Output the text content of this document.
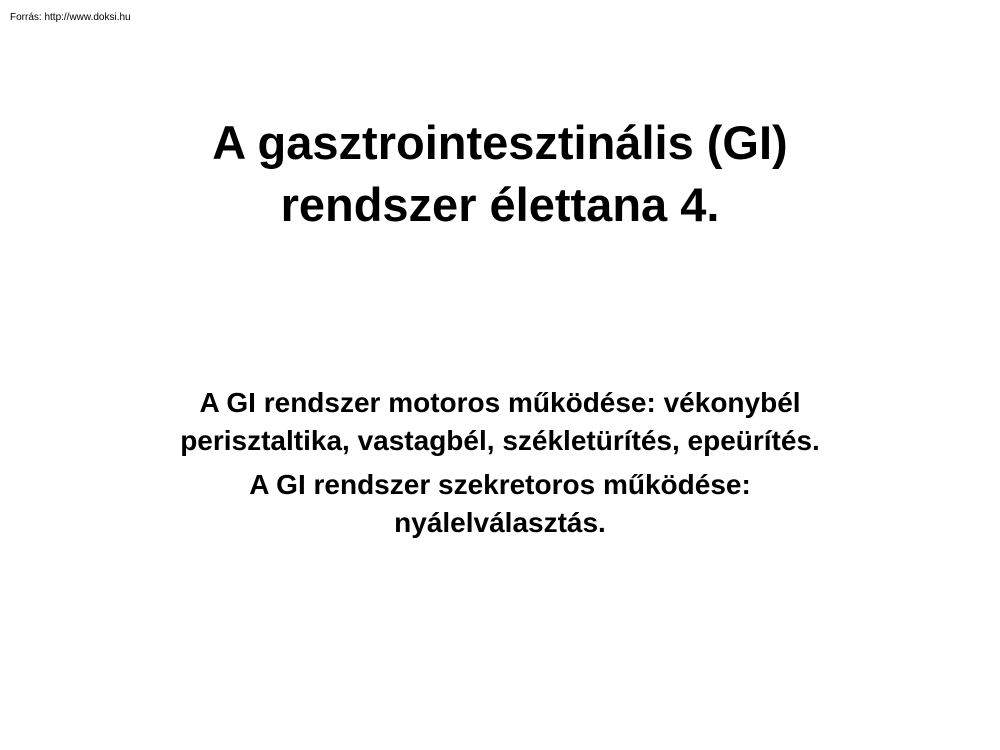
Forrás: http://www.doksi.hu
A gasztrointesztinális (GI)
rendszer élettana 4.

A GI rendszer motoros működése: vékonybél
perisztaltika, vastagbél, székletürítés, epeürítés.

A GI rendszer szekretoros működése:
nyálelválasztás.
